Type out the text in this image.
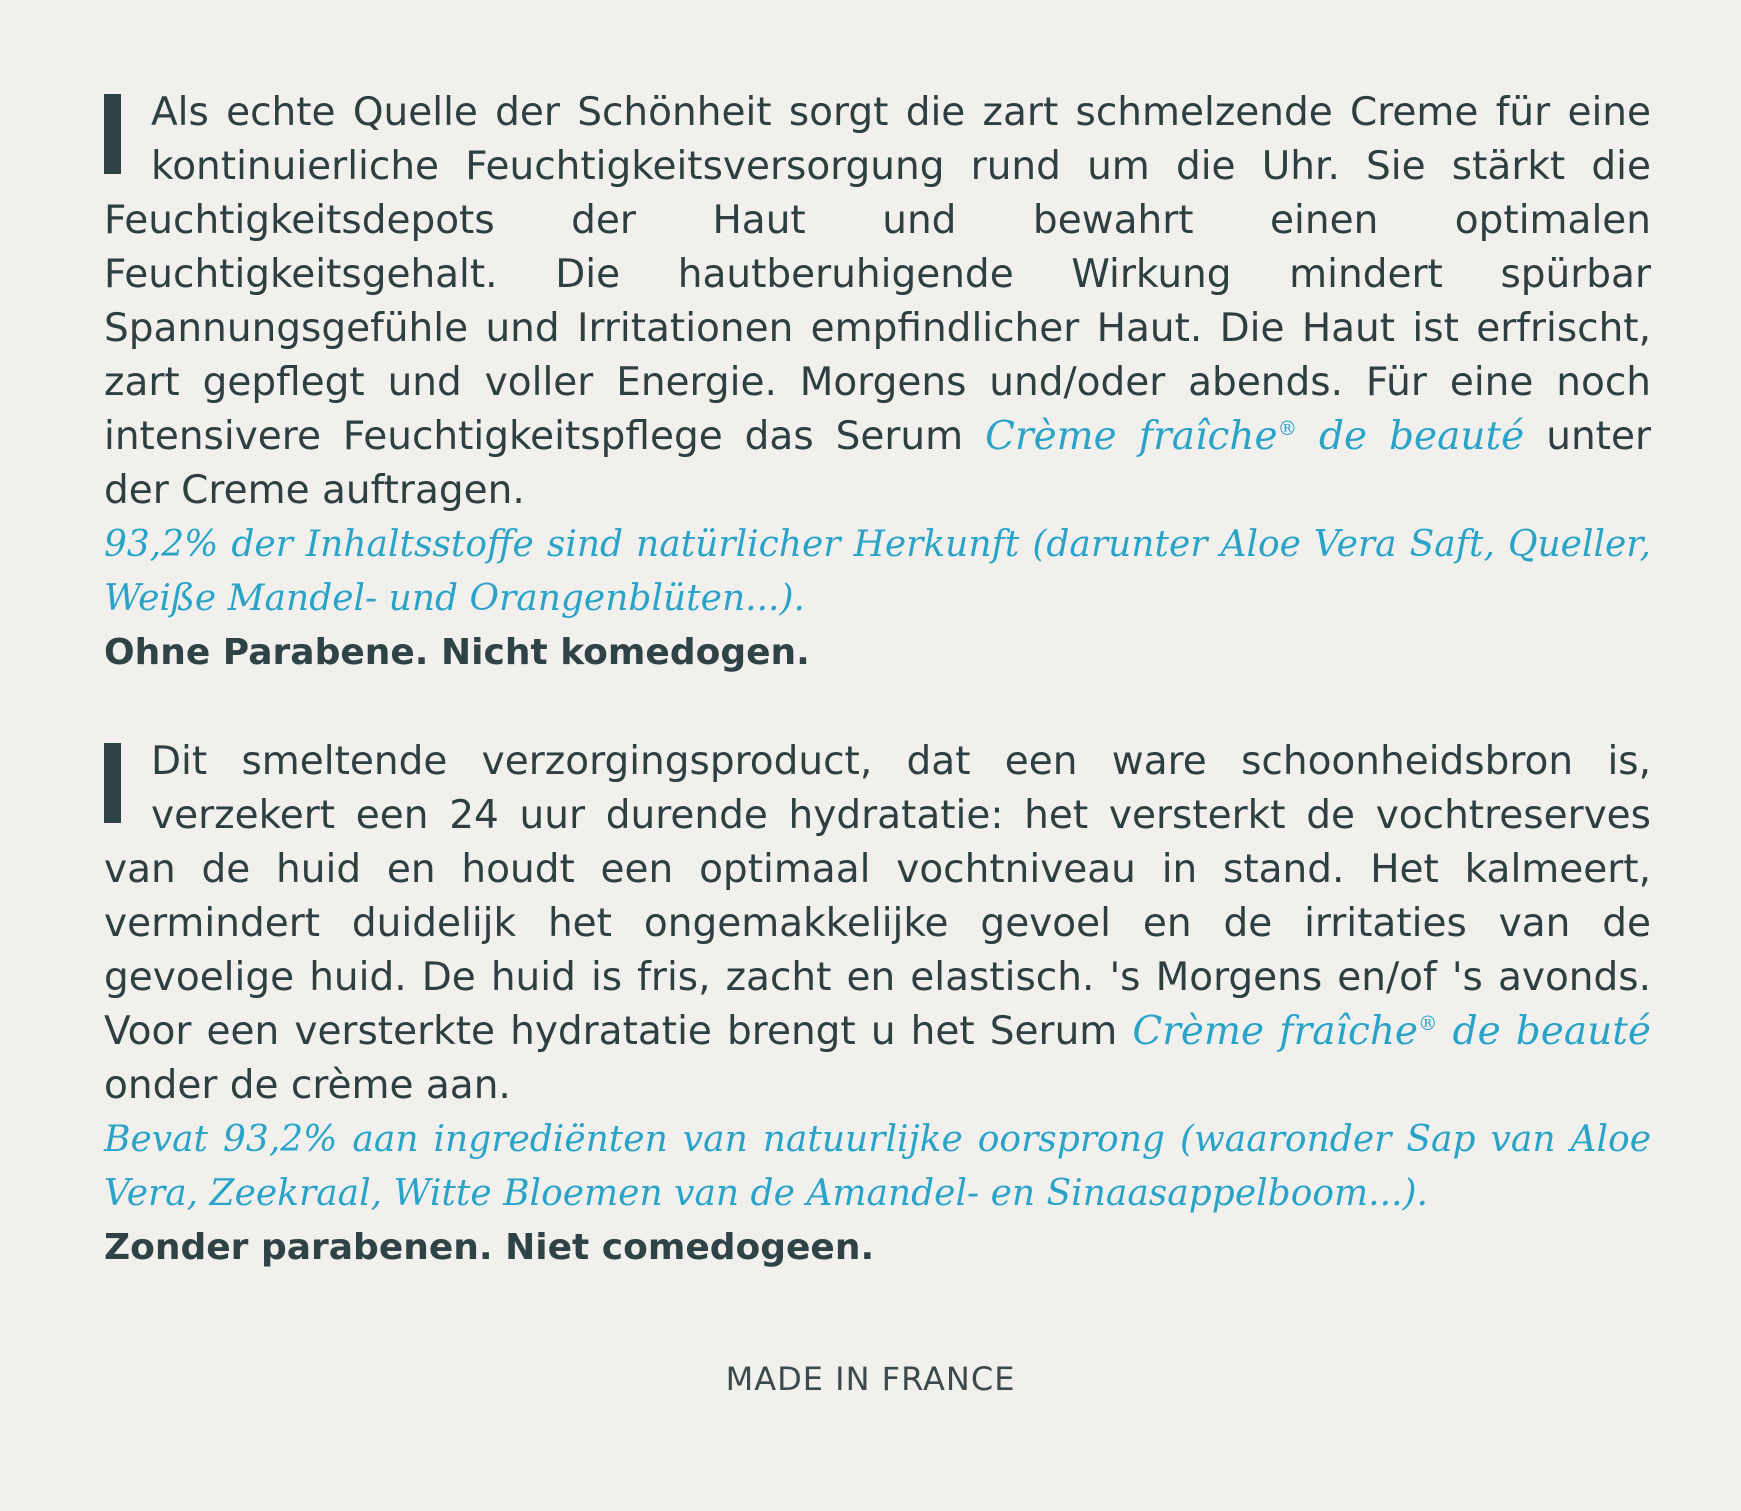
Als echte Quelle der Schönheit sorgt die zart schmelzende Creme für eine kontinuierliche Feuchtigkeitsversorgung rund um die Uhr. Sie stärkt die Feuchtigkeitsdepots der Haut und bewahrt einen optimalen Feuchtigkeitsgehalt. Die hautberuhigende Wirkung mindert spürbar Spannungsgefühle und Irritationen empfindlicher Haut. Die Haut ist erfrischt, zart gepflegt und voller Energie. Morgens und/oder abends. Für eine noch intensivere Feuchtigkeitspflege das Serum Crème fraîche® de beauté unter der Creme auftragen.

93,2% der Inhaltsstoffe sind natürlicher Herkunft (darunter Aloe Vera Saft, Queller, Weiße Mandel- und Orangenblüten...).

Ohne Parabene. Nicht komedogen.

Dit smeltende verzorgingsproduct, dat een ware schoonheidsbron is, verzekert een 24 uur durende hydratatie: het versterkt de vochtreserves van de huid en houdt een optimaal vochtniveau in stand. Het kalmeert, vermindert duidelijk het ongemakkelijke gevoel en de irritaties van de gevoelige huid. De huid is fris, zacht en elastisch. 's Morgens en/of 's avonds. Voor een versterkte hydratatie brengt u het Serum Crème fraîche® de beauté onder de crème aan.

Bevat 93,2% aan ingrediënten van natuurlijke oorsprong (waaronder Sap van Aloe Vera, Zeekraal, Witte Bloemen van de Amandel- en Sinaasappelboom...).

Zonder parabenen. Niet comedogeen.

MADE IN FRANCE
